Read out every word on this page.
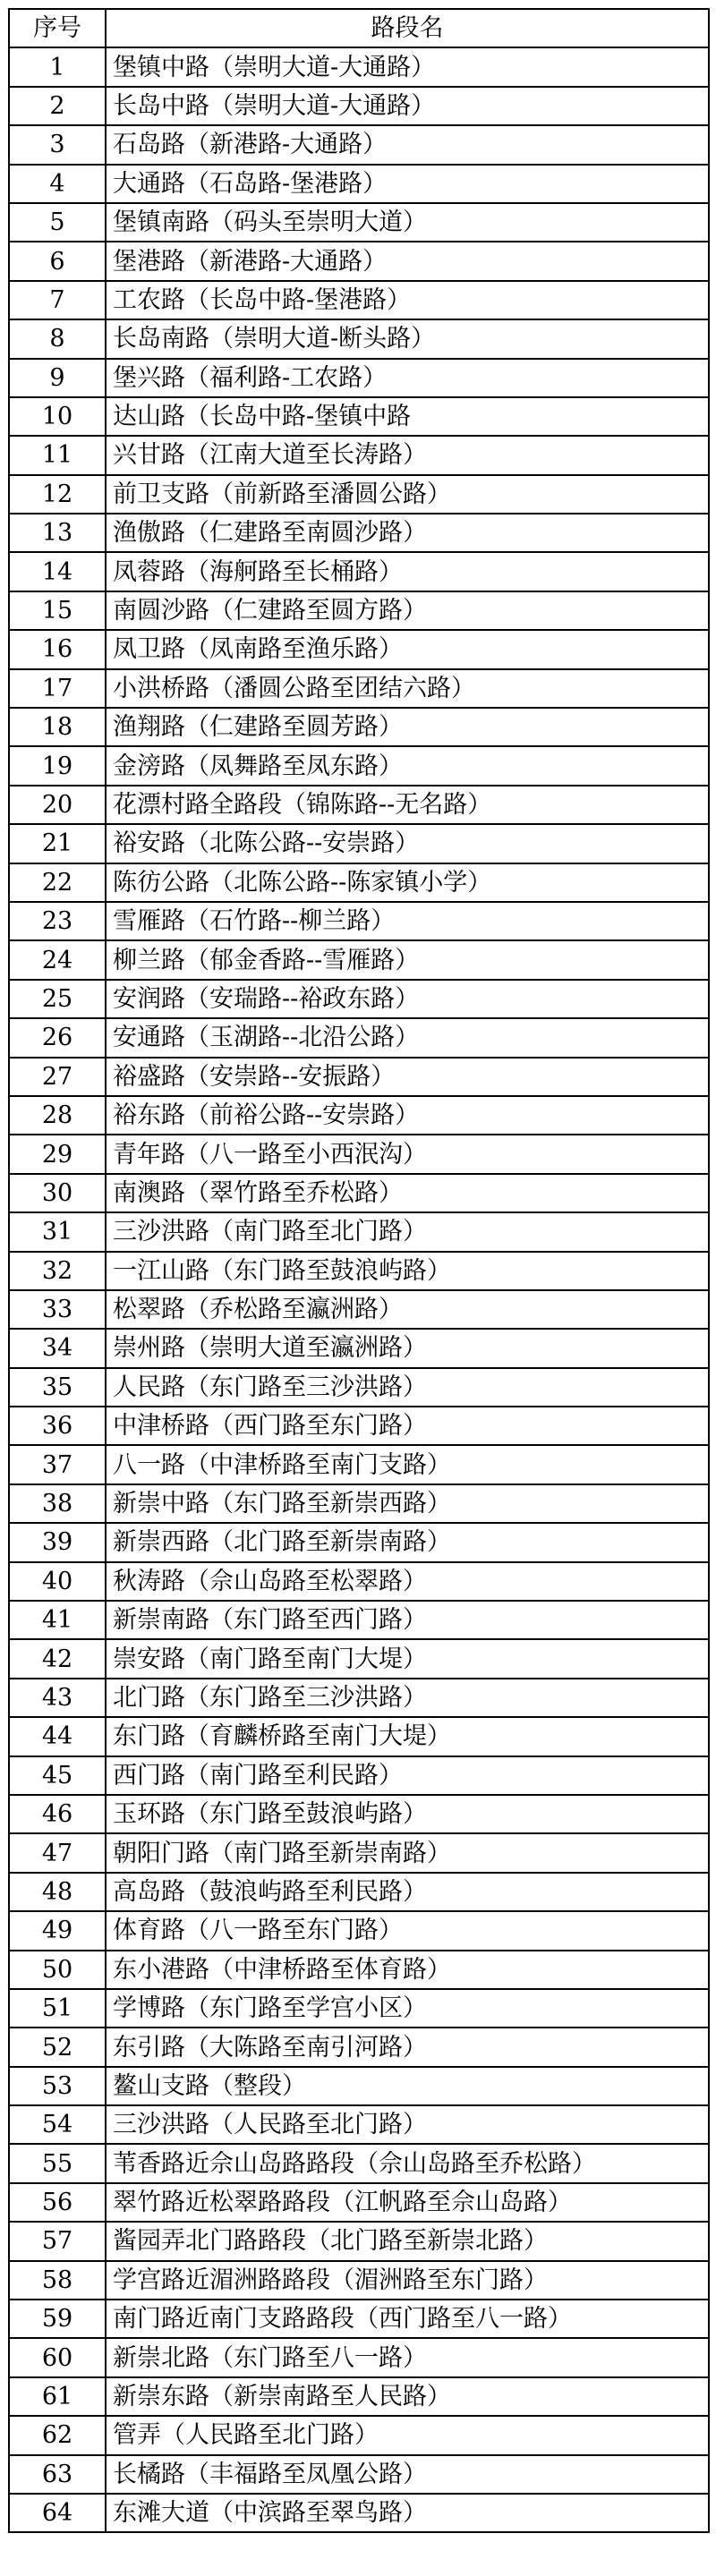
序号	路段名
1	堡镇中路（崇明大道-大通路）
2	长岛中路（崇明大道-大通路）
3	石岛路（新港路-大通路）
4	大通路（石岛路-堡港路）
5	堡镇南路（码头至崇明大道）
6	堡港路（新港路-大通路）
7	工农路（长岛中路-堡港路）
8	长岛南路（崇明大道-断头路）
9	堡兴路（福利路-工农路）
10	达山路（长岛中路-堡镇中路
11	兴甘路（江南大道至长涛路）
12	前卫支路（前新路至潘圆公路）
13	渔傲路（仁建路至南圆沙路）
14	凤蓉路（海舸路至长桶路）
15	南圆沙路（仁建路至圆方路）
16	凤卫路（凤南路至渔乐路）
17	小洪桥路（潘圆公路至团结六路）
18	渔翔路（仁建路至圆芳路）
19	金滂路（凤舞路至凤东路）
20	花漂村路全路段（锦陈路--无名路）
21	裕安路（北陈公路--安崇路）
22	陈彷公路（北陈公路--陈家镇小学）
23	雪雁路（石竹路--柳兰路）
24	柳兰路（郁金香路--雪雁路）
25	安润路（安瑞路--裕政东路）
26	安通路（玉湖路--北沿公路）
27	裕盛路（安崇路--安振路）
28	裕东路（前裕公路--安崇路）
29	青年路（八一路至小西泯沟）
30	南澳路（翠竹路至乔松路）
31	三沙洪路（南门路至北门路）
32	一江山路（东门路至鼓浪屿路）
33	松翠路（乔松路至瀛洲路）
34	崇州路（崇明大道至瀛洲路）
35	人民路（东门路至三沙洪路）
36	中津桥路（西门路至东门路）
37	八一路（中津桥路至南门支路）
38	新崇中路（东门路至新崇西路）
39	新崇西路（北门路至新崇南路）
40	秋涛路（佘山岛路至松翠路）
41	新崇南路（东门路至西门路）
42	崇安路（南门路至南门大堤）
43	北门路（东门路至三沙洪路）
44	东门路（育麟桥路至南门大堤）
45	西门路（南门路至利民路）
46	玉环路（东门路至鼓浪屿路）
47	朝阳门路（南门路至新崇南路）
48	高岛路（鼓浪屿路至利民路）
49	体育路（八一路至东门路）
50	东小港路（中津桥路至体育路）
51	学博路（东门路至学宫小区）
52	东引路（大陈路至南引河路）
53	鳌山支路（整段）
54	三沙洪路（人民路至北门路）
55	苇香路近佘山岛路路段（佘山岛路至乔松路）
56	翠竹路近松翠路路段（江帆路至佘山岛路）
57	酱园弄北门路路段（北门路至新崇北路）
58	学宫路近湄洲路路段（湄洲路至东门路）
59	南门路近南门支路路段（西门路至八一路）
60	新崇北路（东门路至八一路）
61	新崇东路（新崇南路至人民路）
62	管弄（人民路至北门路）
63	长橘路（丰福路至凤凰公路）
64	东滩大道（中滨路至翠鸟路）
